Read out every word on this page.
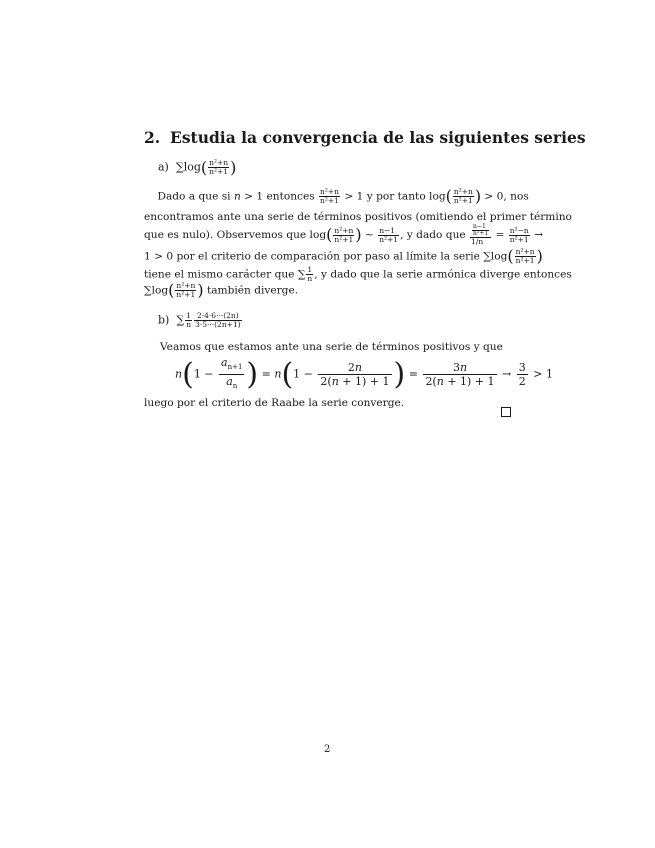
2. Estudia la convergencia de las siguientes series
a) $\sum\log( \frac{\text{n²+n}}{\text{n²+1}}$ )
Dado a que si n > 1 entonces $\frac{\text{n²+n}}{\text{n²+1}} > 1$ y por tanto $\log( \frac{\text{n²+n}}{\text{n²+1}}$ ) > 0, nos
encontramos ante una serie de términos positivos (omitiendo el primer término
que es nulo). Observemos que $\log( \frac{\text{n²+n}}{\text{n²+1}}$ ) ∼ $\frac{n-1}{\text{n²+1}}$ , y dado que $\frac{\frac{n-1}{\text{n²+1}}}{1/n} = \frac{\text{n²−n}}{\text{n²+1}}$ →
1 > 0 por el criterio de comparación por paso al límite la serie $\sum\log( \frac{\text{n²+n}}{\text{n²+1}}$ )
tiene el mismo carácter que ∑ $\frac{1}{n}$ , y dado que la serie armónica diverge entonces
$\sum\log( \frac{\text{n²+n}}{\text{n²+1}}$ ) también diverge.
b) ∑ $\frac{1}{n} \frac{2\cdot 4\cdot 6\cdot\cdot\cdot(2n)}{3\cdot 5\cdot\cdot\cdot(2n+1)}$
Veamos que estamos ante una serie de términos positivos y que
$n(1 - \frac{a_{n+1}}{a_n}$ ) = $n(1 - \frac{2n}{2(n + 1) + 1}$ ) = $\frac{3n}{2(n + 1) + 1} \to \frac{3}{2} > 1$
luego por el criterio de Raabe la serie converge.
2
